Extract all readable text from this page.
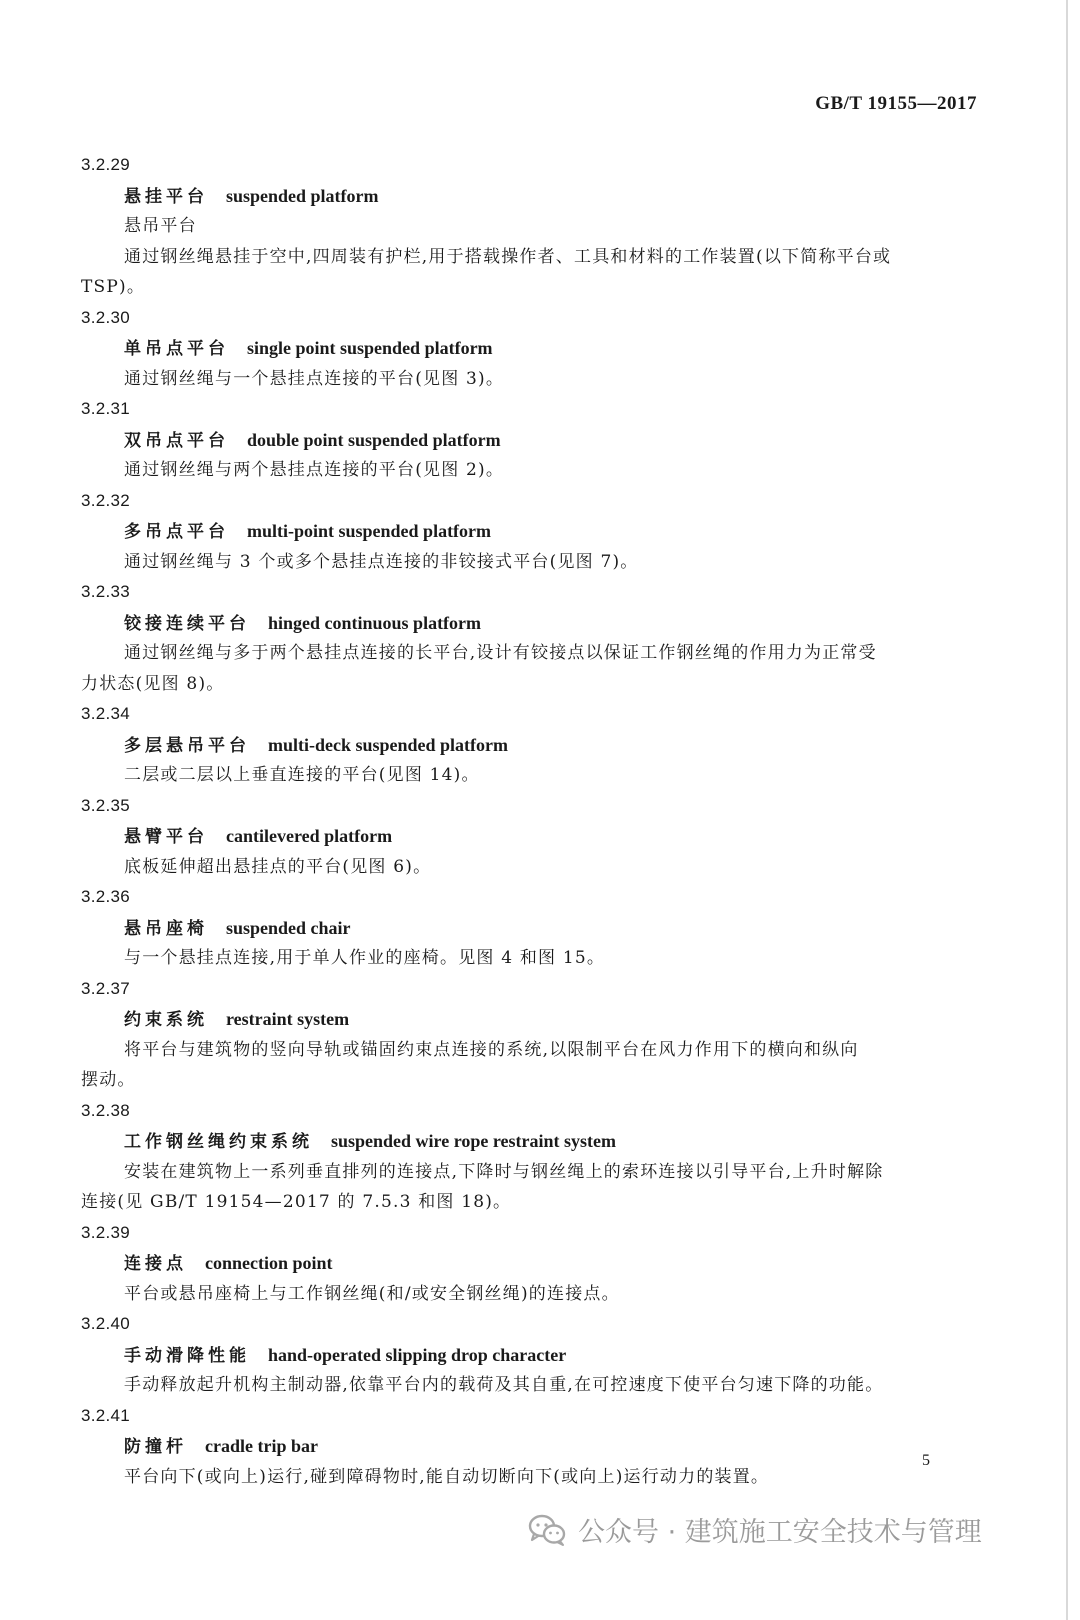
GB/T 19155—2017
3.2.29
悬挂平台 suspended platform
悬吊平台
通过钢丝绳悬挂于空中,四周装有护栏,用于搭载操作者、工具和材料的工作装置(以下简称平台或
TSP)。
3.2.30
单吊点平台 single point suspended platform
通过钢丝绳与一个悬挂点连接的平台(见图 3)。
3.2.31
双吊点平台 double point suspended platform
通过钢丝绳与两个悬挂点连接的平台(见图 2)。
3.2.32
多吊点平台 multi-point suspended platform
通过钢丝绳与 3 个或多个悬挂点连接的非铰接式平台(见图 7)。
3.2.33
铰接连续平台 hinged continuous platform
通过钢丝绳与多于两个悬挂点连接的长平台,设计有铰接点以保证工作钢丝绳的作用力为正常受
力状态(见图 8)。
3.2.34
多层悬吊平台 multi-deck suspended platform
二层或二层以上垂直连接的平台(见图 14)。
3.2.35
悬臂平台 cantilevered platform
底板延伸超出悬挂点的平台(见图 6)。
3.2.36
悬吊座椅 suspended chair
与一个悬挂点连接,用于单人作业的座椅。见图 4 和图 15。
3.2.37
约束系统 restraint system
将平台与建筑物的竖向导轨或锚固约束点连接的系统,以限制平台在风力作用下的横向和纵向
摆动。
3.2.38
工作钢丝绳约束系统 suspended wire rope restraint system
安装在建筑物上一系列垂直排列的连接点,下降时与钢丝绳上的索环连接以引导平台,上升时解除
连接(见 GB/T 19154—2017 的 7.5.3 和图 18)。
3.2.39
连接点 connection point
平台或悬吊座椅上与工作钢丝绳(和/或安全钢丝绳)的连接点。
3.2.40
手动滑降性能 hand-operated slipping drop character
手动释放起升机构主制动器,依靠平台内的载荷及其自重,在可控速度下使平台匀速下降的功能。
3.2.41
防撞杆 cradle trip bar
平台向下(或向上)运行,碰到障碍物时,能自动切断向下(或向上)运行动力的装置。
5
公众号 · 建筑施工安全技术与管理
